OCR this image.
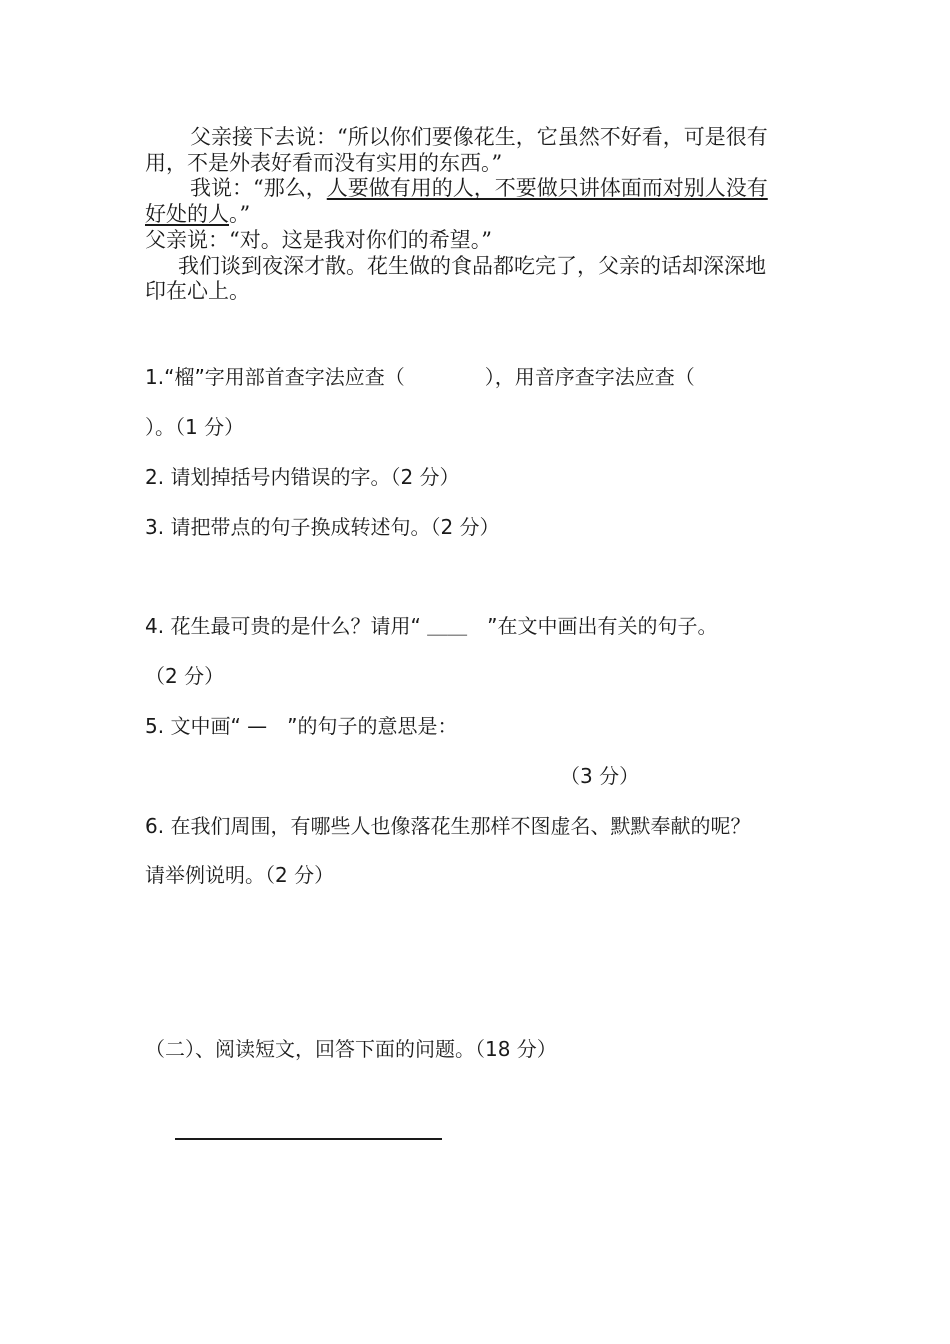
父亲接下去说：“所以你们要像花生，它虽然不好看，可是很有
用，不是外表好看而没有实用的东西。”
我说：“那么，人要做有用的人，不要做只讲体面而对别人没有
好处的人。”
父亲说：“对。这是我对你们的希望。”
我们谈到夜深才散。花生做的食品都吃完了，父亲的话却深深地
印在心上。
1.“榴”字用部首查字法应查（　　　　），用音序查字法应查（
）。（1 分）
2. 请划掉括号内错误的字。（2 分）
3. 请把带点的句子换成转述句。（2 分）
4. 花生最可贵的是什么？请用“ ＿＿　”在文中画出有关的句子。
（2 分）
5. 文中画“ —　”的句子的意思是：
（3 分）
6. 在我们周围，有哪些人也像落花生那样不图虚名、默默奉献的呢？
请举例说明。（2 分）
（二）、阅读短文，回答下面的问题。（18 分）
